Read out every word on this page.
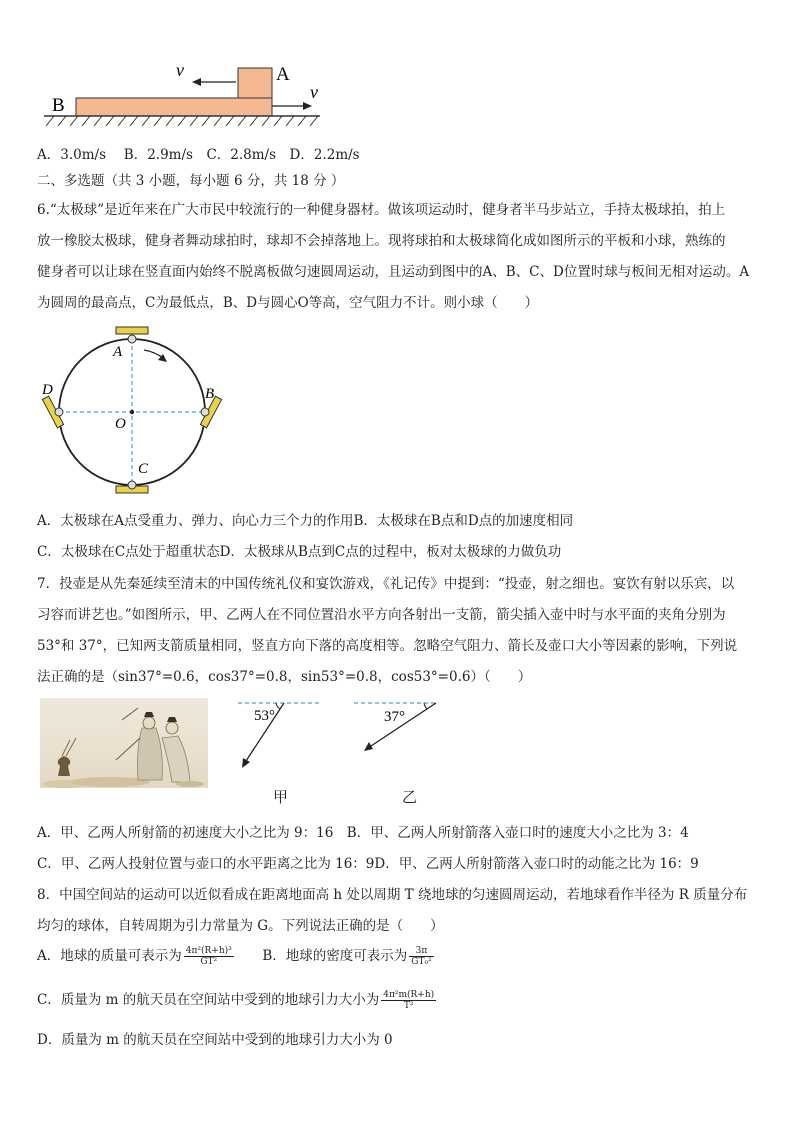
B
A
v
v
A．3.0m/s　 B．2.9m/s　C．2.8m/s　D．2.2m/s
二、多选题（共 3 小题，每小题 6 分，共 18 分 ）
6.“太极球”是近年来在广大市民中较流行的一种健身器材。做该项运动时，健身者半马步站立，手持太极球拍，拍上
放一橡胶太极球，健身者舞动球拍时，球却不会掉落地上。现将球拍和太极球简化成如图所示的平板和小球，熟练的
健身者可以让球在竖直面内始终不脱离板做匀速圆周运动，且运动到图中的A、B、C、D位置时球与板间无相对运动。A
为圆周的最高点，C为最低点，B、D与圆心O等高，空气阻力不计。则小球（　　）
A
B
C
D
O
A．太极球在A点受重力、弹力、向心力三个力的作用B．太极球在B点和D点的加速度相同
C．太极球在C点处于超重状态D．太极球从B点到C点的过程中，板对太极球的力做负功
7．投壶是从先秦延续至清末的中国传统礼仪和宴饮游戏，《礼记传》中提到：“投壶，射之细也。宴饮有射以乐宾，以
习容而讲艺也。”如图所示，甲、乙两人在不同位置沿水平方向各射出一支箭，箭尖插入壶中时与水平面的夹角分别为
53°和 37°，已知两支箭质量相同，竖直方向下落的高度相等。忽略空气阻力、箭长及壶口大小等因素的影响，下列说
法正确的是（sin37°=0.6，cos37°=0.8，sin53°=0.8，cos53°=0.6）（　　）
53°	37°
甲	乙
A．甲、乙两人所射箭的初速度大小之比为 9：16　B．甲、乙两人所射箭落入壶口时的速度大小之比为 3：4
C．甲、乙两人投射位置与壶口的水平距离之比为 16：9D．甲、乙两人所射箭落入壶口时的动能之比为 16：9
8．中国空间站的运动可以近似看成在距离地面高 h 处以周期 T 绕地球的匀速圆周运动，若地球看作半径为 R 质量分布
均匀的球体，自转周期为引力常量为 G。下列说法正确的是（　　）
A．地球的质量可表示为 $\frac{\text{4π²(R+h)³}}{\text{GT²}}$ B．地球的密度可表示为 $\frac{3\pi}{\text{GT₀²}}$
C．质量为 m 的航天员在空间站中受到的地球引力大小为 $\frac{\text{4π²m(R+h)}}{\text{T²}}$
D．质量为 m 的航天员在空间站中受到的地球引力大小为 0
